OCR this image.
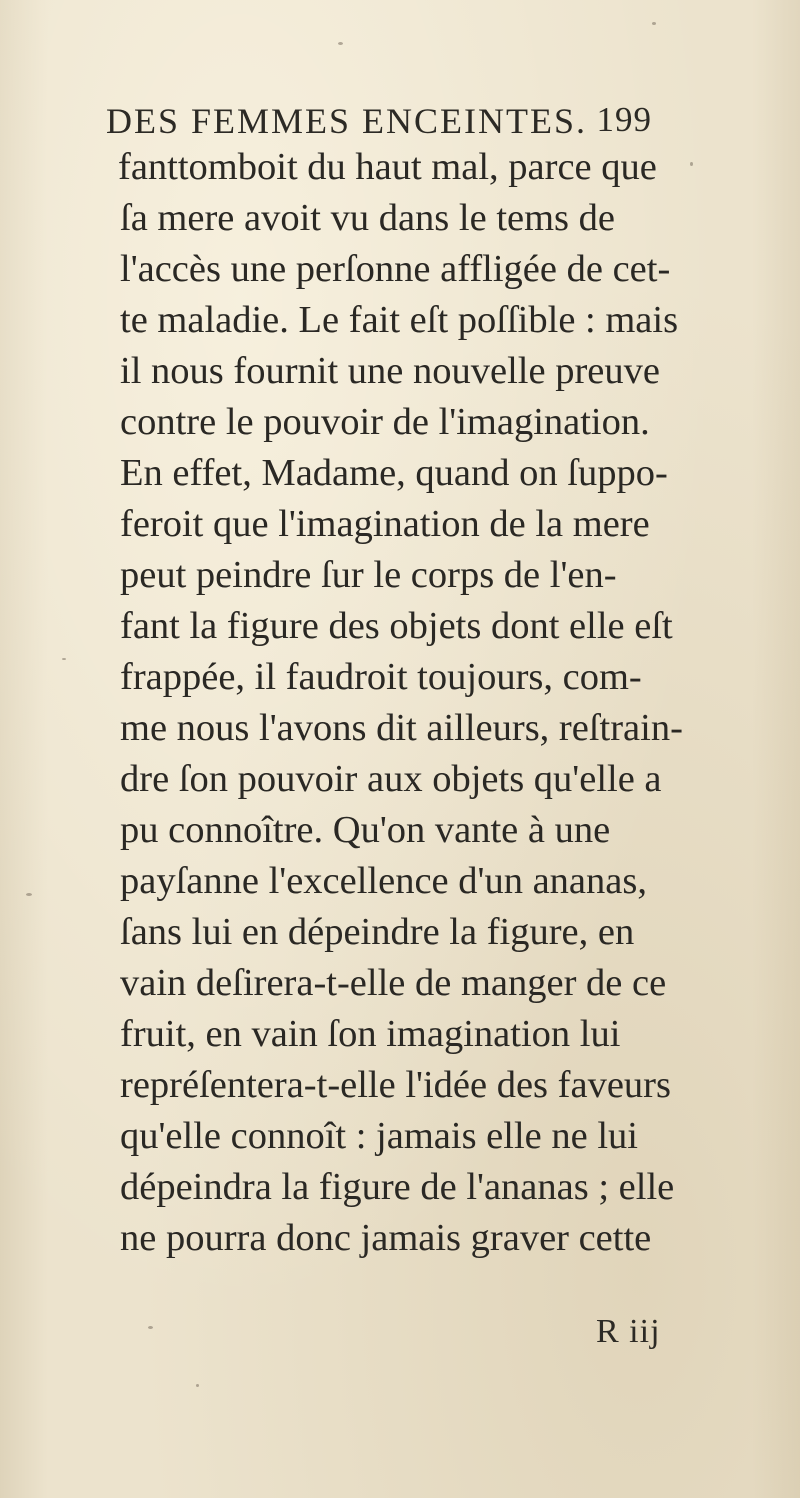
DES FEMMES ENCEINTES. 199
fanttomboit du haut mal, parce que
ſa mere avoit vu dans le tems de
l'accès une perſonne affligée de cet-
te maladie. Le fait eſt poſſible : mais
il nous fournit une nouvelle preuve
contre le pouvoir de l'imagination.
En effet, Madame, quand on ſuppo-
feroit que l'imagination de la mere
peut peindre ſur le corps de l'en-
fant la figure des objets dont elle eſt
frappée, il faudroit toujours, com-
me nous l'avons dit ailleurs, reſtrain-
dre ſon pouvoir aux objets qu'elle a
pu connoître. Qu'on vante à une
payſanne l'excellence d'un ananas,
ſans lui en dépeindre la figure, en
vain deſirera-t-elle de manger de ce
fruit, en vain ſon imagination lui
repréſentera-t-elle l'idée des faveurs
qu'elle connoît : jamais elle ne lui
dépeindra la figure de l'ananas ; elle
ne pourra donc jamais graver cette
R iij
